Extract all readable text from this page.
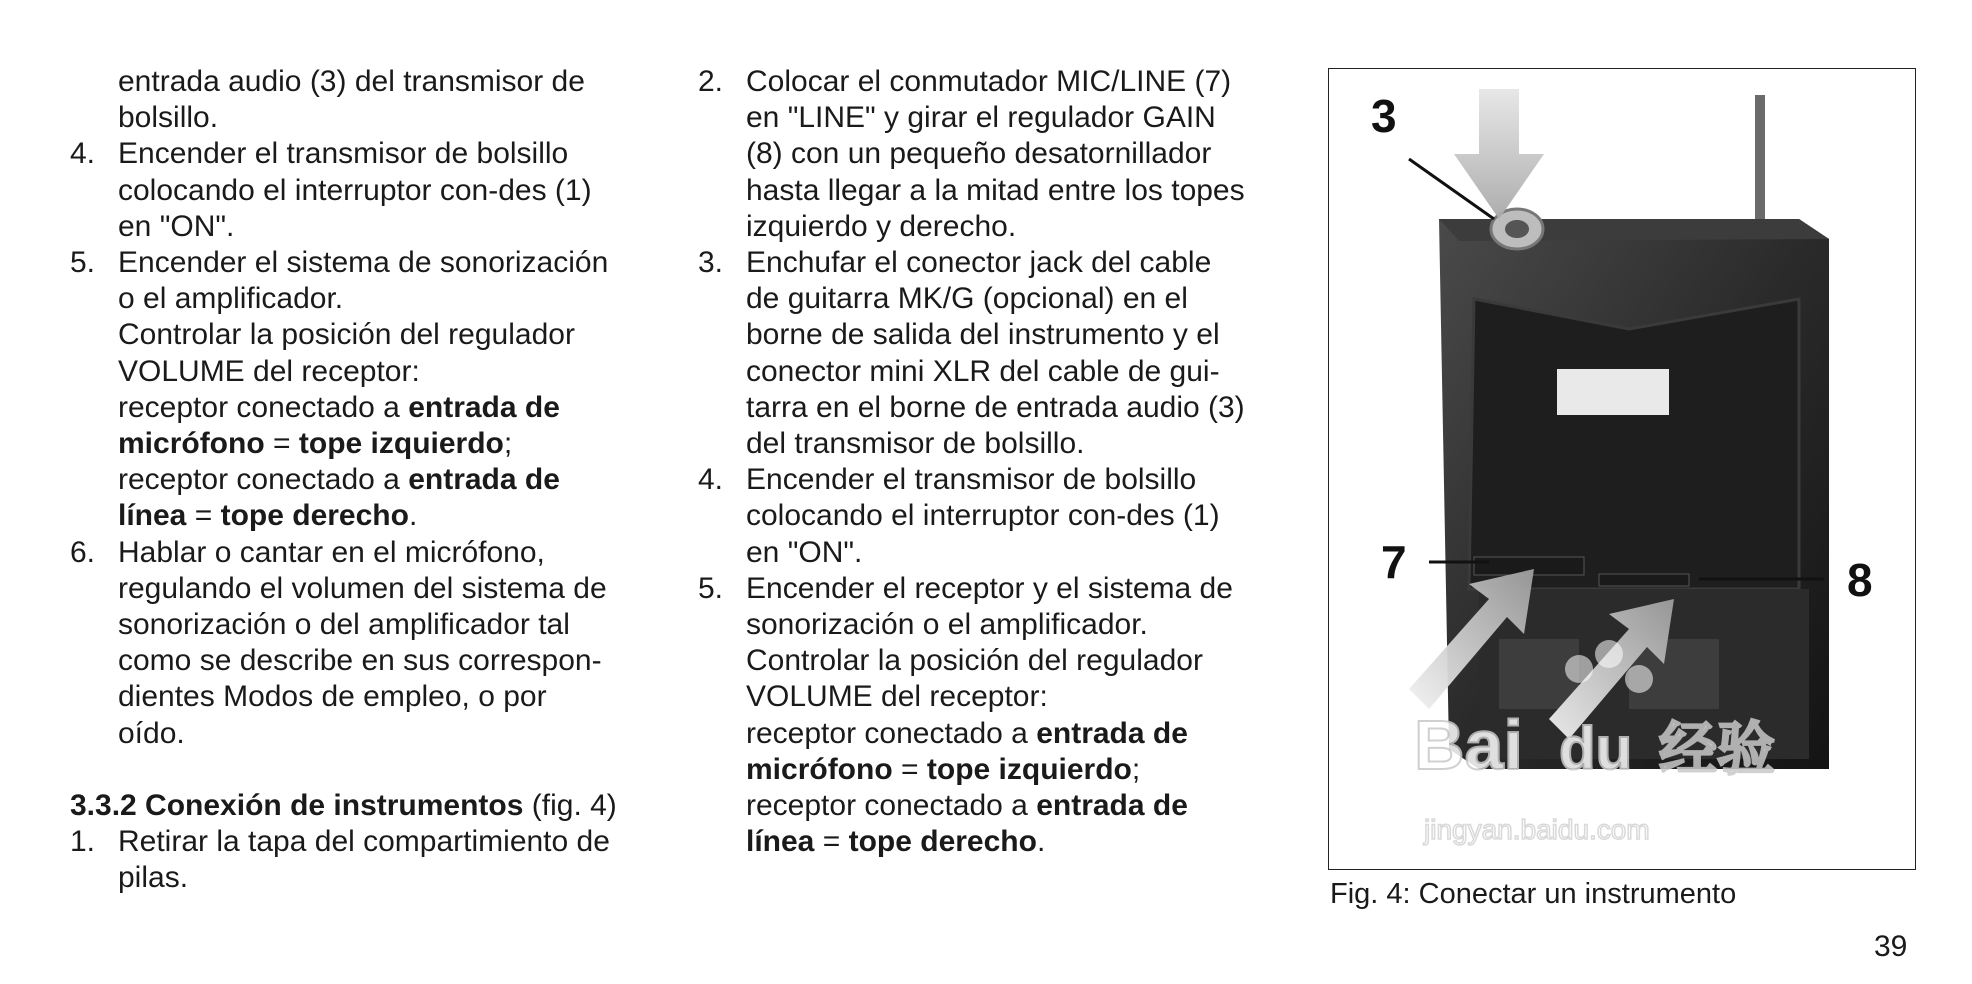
entrada audio (3) del transmisor de

bolsillo.

4. Encender el transmisor de bolsillo

colocando el interruptor con-des (1)

en "ON".

5. Encender el sistema de sonorización

o el amplificador.

Controlar la posición del regulador

VOLUME del receptor:

receptor conectado a entrada de

micrófono = tope izquierdo;

receptor conectado a entrada de

línea = tope derecho.

6. Hablar o cantar en el micrófono,

regulando el volumen del sistema de

sonorización o del amplificador tal

como se describe en sus correspon-

dientes Modos de empleo, o por

oído.

3.3.2 Conexión de instrumentos (fig. 4)

1. Retirar la tapa del compartimiento de

pilas.

2. Colocar el conmutador MIC/LINE (7)

en "LINE" y girar el regulador GAIN

(8) con un pequeño desatornillador

hasta llegar a la mitad entre los topes

izquierdo y derecho.

3. Enchufar el conector jack del cable

de guitarra MK/G (opcional) en el

borne de salida del instrumento y el

conector mini XLR del cable de gui-

tarra en el borne de entrada audio (3)

del transmisor de bolsillo.

4. Encender el transmisor de bolsillo

colocando el interruptor con-des (1)

en "ON".

5. Encender el receptor y el sistema de

sonorización o el amplificador.

Controlar la posición del regulador

VOLUME del receptor:

receptor conectado a entrada de

micrófono = tope izquierdo;

receptor conectado a entrada de

línea = tope derecho.	jingyan.baidu.com
Bai du 经验
3
7	8
Fig. 4: Conectar un instrumento
39
